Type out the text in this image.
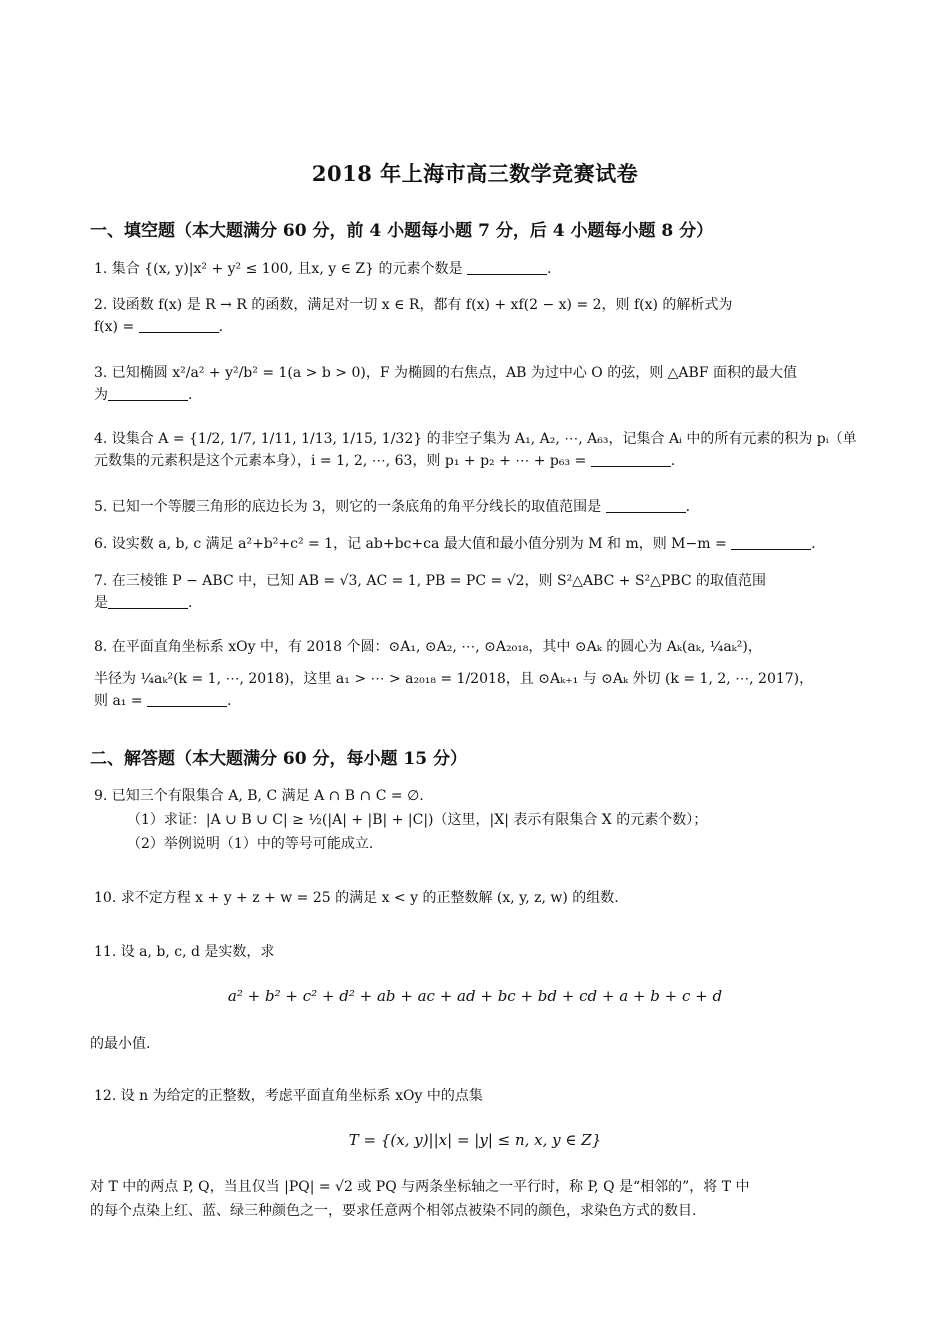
2018 年上海市高三数学竞赛试卷
一、填空题（本大题满分 60 分，前 4 小题每小题 7 分，后 4 小题每小题 8 分）
1. 集合 {(x, y)|x² + y² ≤ 100, 且x, y ∈ Z} 的元素个数是	.
2. 设函数 f(x) 是 R → R 的函数，满足对一切 x ∈ R，都有 f(x) + xf(2 − x) = 2，则 f(x) 的解析式为
f(x) =	.
3. 已知椭圆 x²/a² + y²/b² = 1(a > b > 0)，F 为椭圆的右焦点，AB 为过中心 O 的弦，则 △ABF 面积的最大值
为	.
4. 设集合 A = {1/2, 1/7, 1/11, 1/13, 1/15, 1/32} 的非空子集为 A₁, A₂, ⋯, A₆₃，记集合 Aᵢ 中的所有元素的积为 pᵢ（单
元数集的元素积是这个元素本身），i = 1, 2, ⋯, 63，则 p₁ + p₂ + ⋯ + p₆₃ =	.
5. 已知一个等腰三角形的底边长为 3，则它的一条底角的角平分线长的取值范围是	.
6. 设实数 a, b, c 满足 a²+b²+c² = 1，记 ab+bc+ca 最大值和最小值分别为 M 和 m，则 M−m =	.
7. 在三棱锥 P − ABC 中，已知 AB = √3, AC = 1, PB = PC = √2，则 S²△ABC + S²△PBC 的取值范围
是	.
8. 在平面直角坐标系 xOy 中，有 2018 个圆：⊙A₁, ⊙A₂, ⋯, ⊙A₂₀₁₈，其中 ⊙Aₖ 的圆心为 Aₖ(aₖ, ¼aₖ²)，
半径为 ¼aₖ²(k = 1, ⋯, 2018)，这里 a₁ > ⋯ > a₂₀₁₈ = 1/2018，且 ⊙Aₖ₊₁ 与 ⊙Aₖ 外切 (k = 1, 2, ⋯, 2017)，
则 a₁ =	.
二、解答题（本大题满分 60 分，每小题 15 分）
9. 已知三个有限集合 A, B, C 满足 A ∩ B ∩ C = ∅.
（1）求证：|A ∪ B ∪ C| ≥ ½(|A| + |B| + |C|)（这里，|X| 表示有限集合 X 的元素个数）；
（2）举例说明（1）中的等号可能成立.
10. 求不定方程 x + y + z + w = 25 的满足 x < y 的正整数解 (x, y, z, w) 的组数.
11. 设 a, b, c, d 是实数，求
a² + b² + c² + d² + ab + ac + ad + bc + bd + cd + a + b + c + d
的最小值.
12. 设 n 为给定的正整数，考虑平面直角坐标系 xOy 中的点集
T = {(x, y)||x| = |y| ≤ n, x, y ∈ Z}
对 T 中的两点 P, Q，当且仅当 |PQ| = √2 或 PQ 与两条坐标轴之一平行时，称 P, Q 是“相邻的”，将 T 中
的每个点染上红、蓝、绿三种颜色之一，要求任意两个相邻点被染不同的颜色，求染色方式的数目.
